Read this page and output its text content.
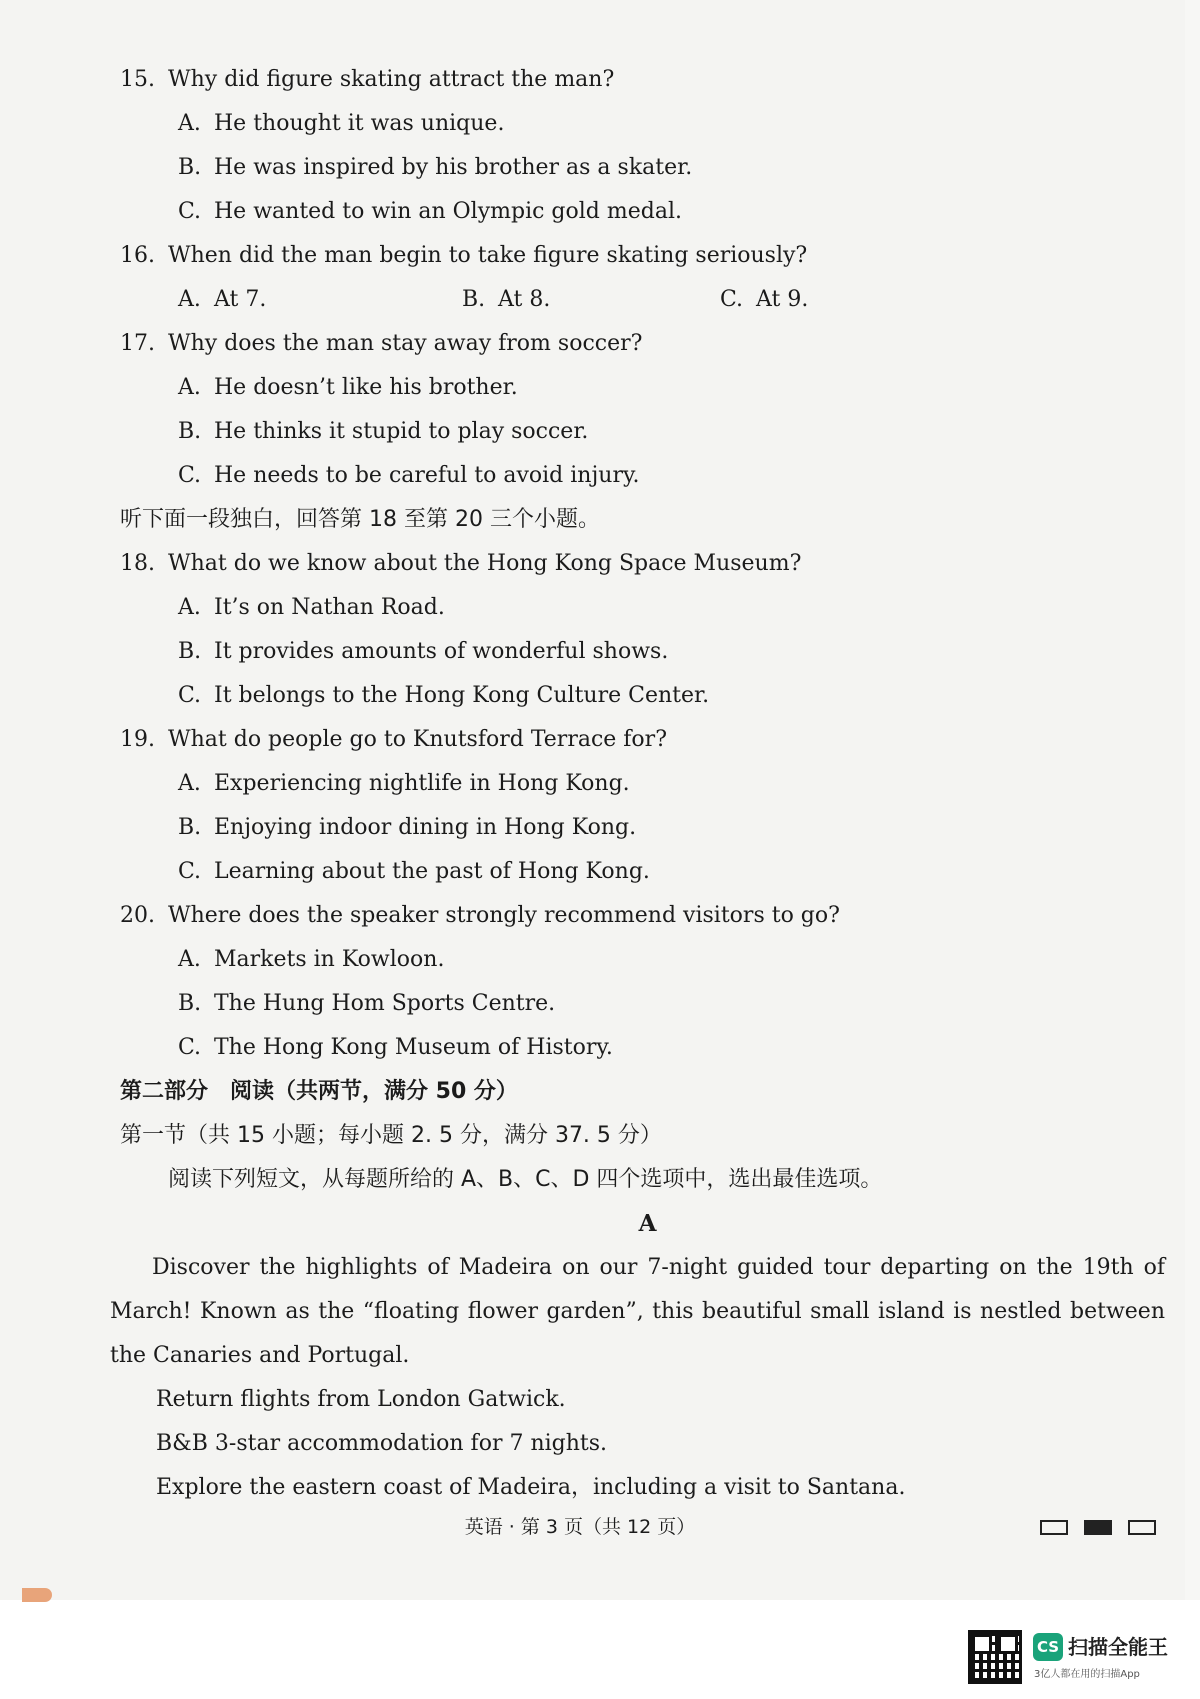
15. Why did figure skating attract the man?
A. He thought it was unique.
B. He was inspired by his brother as a skater.
C. He wanted to win an Olympic gold medal.
16. When did the man begin to take figure skating seriously?
A. At 7.	B. At 8.	C. At 9.
17. Why does the man stay away from soccer?
A. He doesn’t like his brother.
B. He thinks it stupid to play soccer.
C. He needs to be careful to avoid injury.
听下面一段独白，回答第 18 至第 20 三个小题。
18. What do we know about the Hong Kong Space Museum?
A. It’s on Nathan Road.
B. It provides amounts of wonderful shows.
C. It belongs to the Hong Kong Culture Center.
19. What do people go to Knutsford Terrace for?
A. Experiencing nightlife in Hong Kong.
B. Enjoying indoor dining in Hong Kong.
C. Learning about the past of Hong Kong.
20. Where does the speaker strongly recommend visitors to go?
A. Markets in Kowloon.
B. The Hung Hom Sports Centre.
C. The Hong Kong Museum of History.
第二部分　阅读（共两节，满分 50 分）
第一节（共 15 小题；每小题 2. 5 分，满分 37. 5 分）
阅读下列短文，从每题所给的 A、B、C、D 四个选项中，选出最佳选项。
A
Discover the highlights of Madeira on our 7-night guided tour departing on the 19th of March! Known as the “floating flower garden”, this beautiful small island is nestled between the Canaries and Portugal.
Return flights from London Gatwick.
B&B 3-star accommodation for 7 nights.
Explore the eastern coast of Madeira，including a visit to Santana.
英语 · 第 3 页（共 12 页）
CS 扫描全能王
3亿人都在用的扫描App
